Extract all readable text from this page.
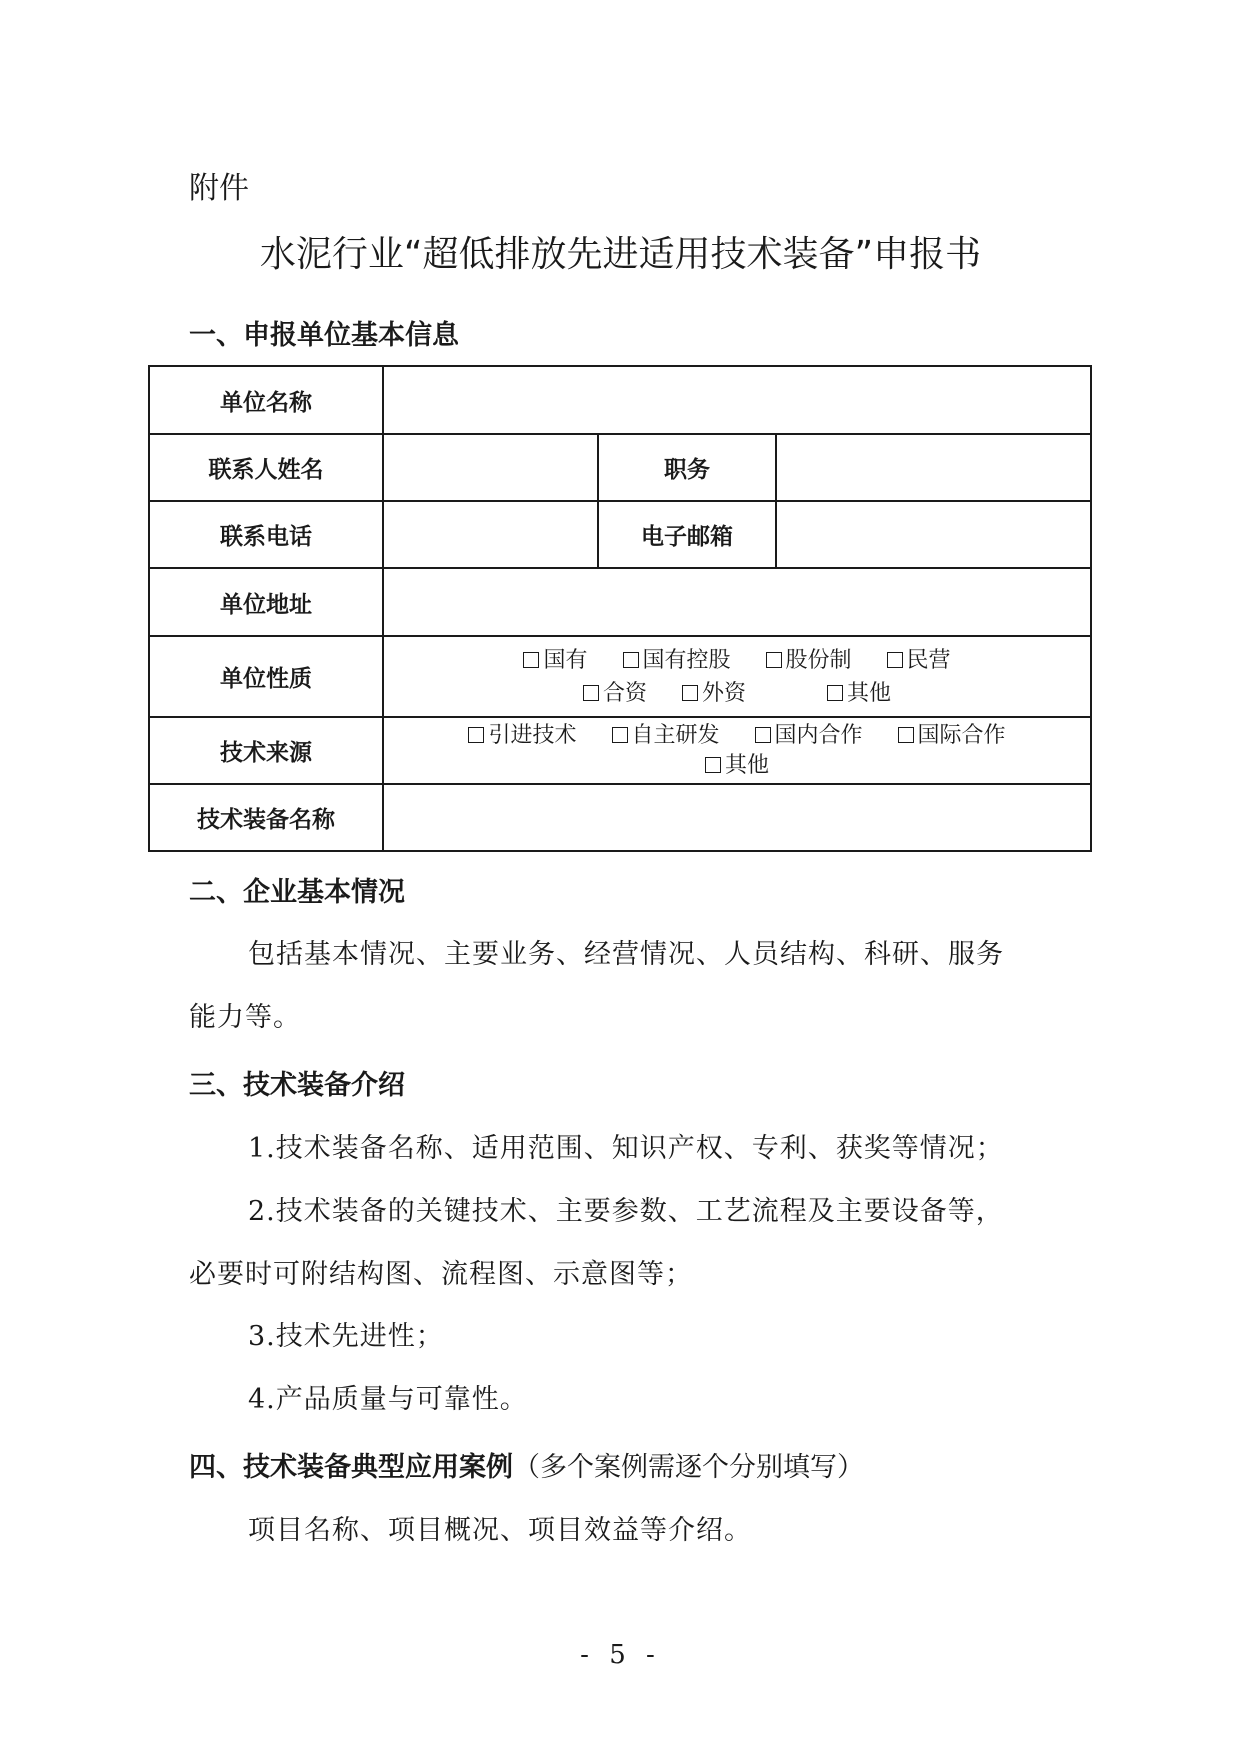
附件

水泥行业“超低排放先进适用技术装备”申报书

一、申报单位基本信息

单位名称			
联系人姓名		职务	
联系电话		电子邮箱	
单位地址			
单位性质	国有 国有控股 股份制 民营
合资 外资 其他		

技术来源	引进技术 自主研发 国内合作 国际合作
其他		

技术装备名称			

二、企业基本情况

包括基本情况、主要业务、经营情况、人员结构、科研、服务

能力等。

三、技术装备介绍

1.技术装备名称、适用范围、知识产权、专利、获奖等情况；

2.技术装备的关键技术、主要参数、工艺流程及主要设备等，

必要时可附结构图、流程图、示意图等；

3.技术先进性；

4.产品质量与可靠性。

四、技术装备典型应用案例（多个案例需逐个分别填写）

项目名称、项目概况、项目效益等介绍。

- 5 -
